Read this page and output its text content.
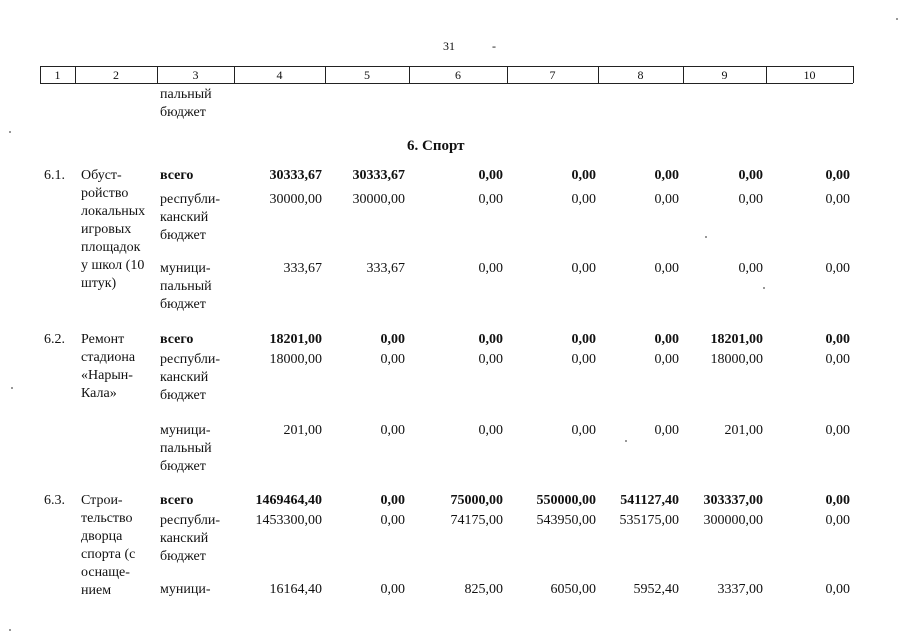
31	-
1	2	3	4	5	6	7	8	9	10
пальный
бюджет
6. Спорт
6.1. Обуст-
ройство
локальных
игровых
площадок
у школ (10
штук)
всего	30333,67 30333,67	0,00	0,00	0,00	0,00	0,00
республи-
канский
бюджет
30000,00 30000,00	0,00	0,00	0,00	0,00	0,00
муници-
пальный
бюджет
333,67	333,67	0,00	0,00	0,00	0,00	0,00
6.2. Ремонт
стадиона
«Нарын-
Кала»
всего	18201,00	0,00	0,00	0,00	0,00 18201,00	0,00
республи-
канский
бюджет
18000,00	0,00	0,00	0,00	0,00 18000,00	0,00
муници-
пальный
бюджет
201,00	0,00	0,00	0,00	0,00	201,00	0,00
6.3. Строи-
тельство
дворца
спорта (с
оснаще-
нием
всего	1469464,40	0,00	75000,00 550000,00 541127,40 303337,00	0,00
республи-
канский
бюджет
1453300,00	0,00	74175,00 543950,00 535175,00 300000,00	0,00
муници-	16164,40	0,00	825,00	6050,00	5952,40	3337,00	0,00
